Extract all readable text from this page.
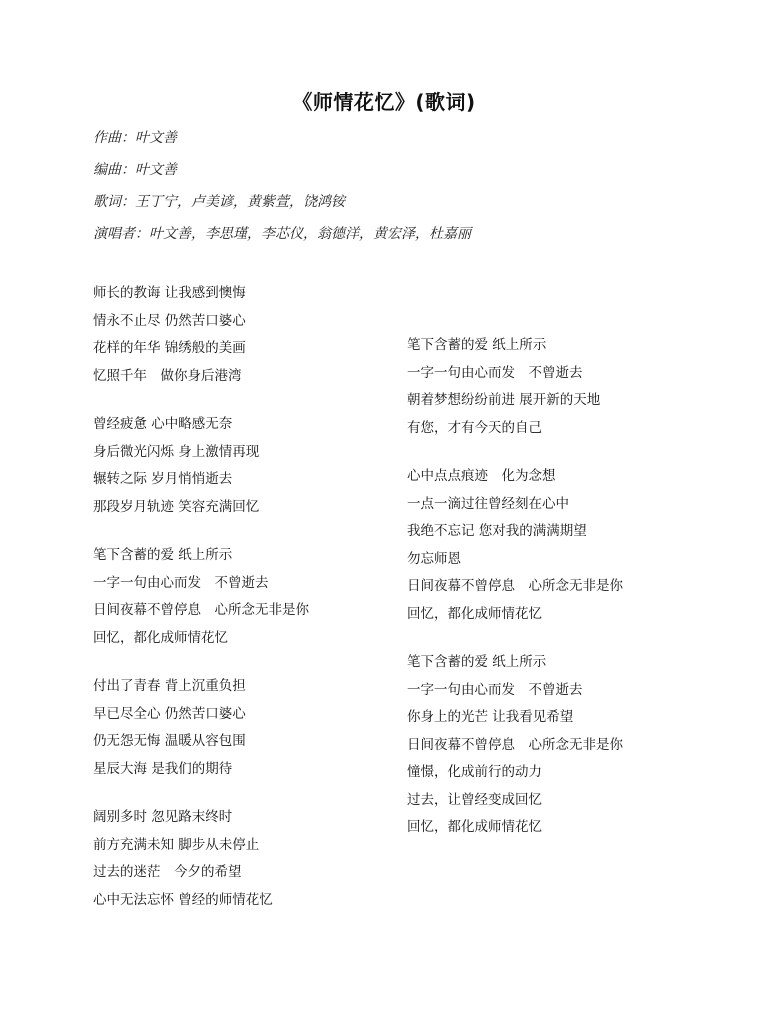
《师情花忆》(歌词)
作曲：叶文善
编曲：叶文善
歌词：王丁宁，卢美谚，黄紫萱，饶鸿铵
演唱者：叶文善，李思瑾，李芯仪，翁德洋，黄宏泽，杜嘉丽
师长的教诲 让我感到懊悔
情永不止尽 仍然苦口婆心
花样的年华 锦绣般的美画
忆照千年　做你身后港湾
曾经疲惫 心中略感无奈
身后微光闪烁 身上激情再现
辗转之际 岁月悄悄逝去
那段岁月轨迹 笑容充满回忆
笔下含蓄的爱 纸上所示
一字一句由心而发　不曾逝去
日间夜幕不曾停息　心所念无非是你
回忆，都化成师情花忆
付出了青春 背上沉重负担
早已尽全心 仍然苦口婆心
仍无怨无悔 温暖从容包围
星辰大海 是我们的期待
阔别多时 忽见路末终时
前方充满未知 脚步从未停止
过去的迷茫　今夕的希望
心中无法忘怀 曾经的师情花忆
笔下含蓄的爱 纸上所示
一字一句由心而发　不曾逝去
朝着梦想纷纷前进 展开新的天地
有您，才有今天的自己
心中点点痕迹　化为念想
一点一滴过往曾经刻在心中
我绝不忘记 您对我的满满期望
勿忘师恩
日间夜幕不曾停息　心所念无非是你
回忆，都化成师情花忆
笔下含蓄的爱 纸上所示
一字一句由心而发　不曾逝去
你身上的光芒 让我看见希望
日间夜幕不曾停息　心所念无非是你
憧憬，化成前行的动力
过去，让曾经变成回忆
回忆，都化成师情花忆
